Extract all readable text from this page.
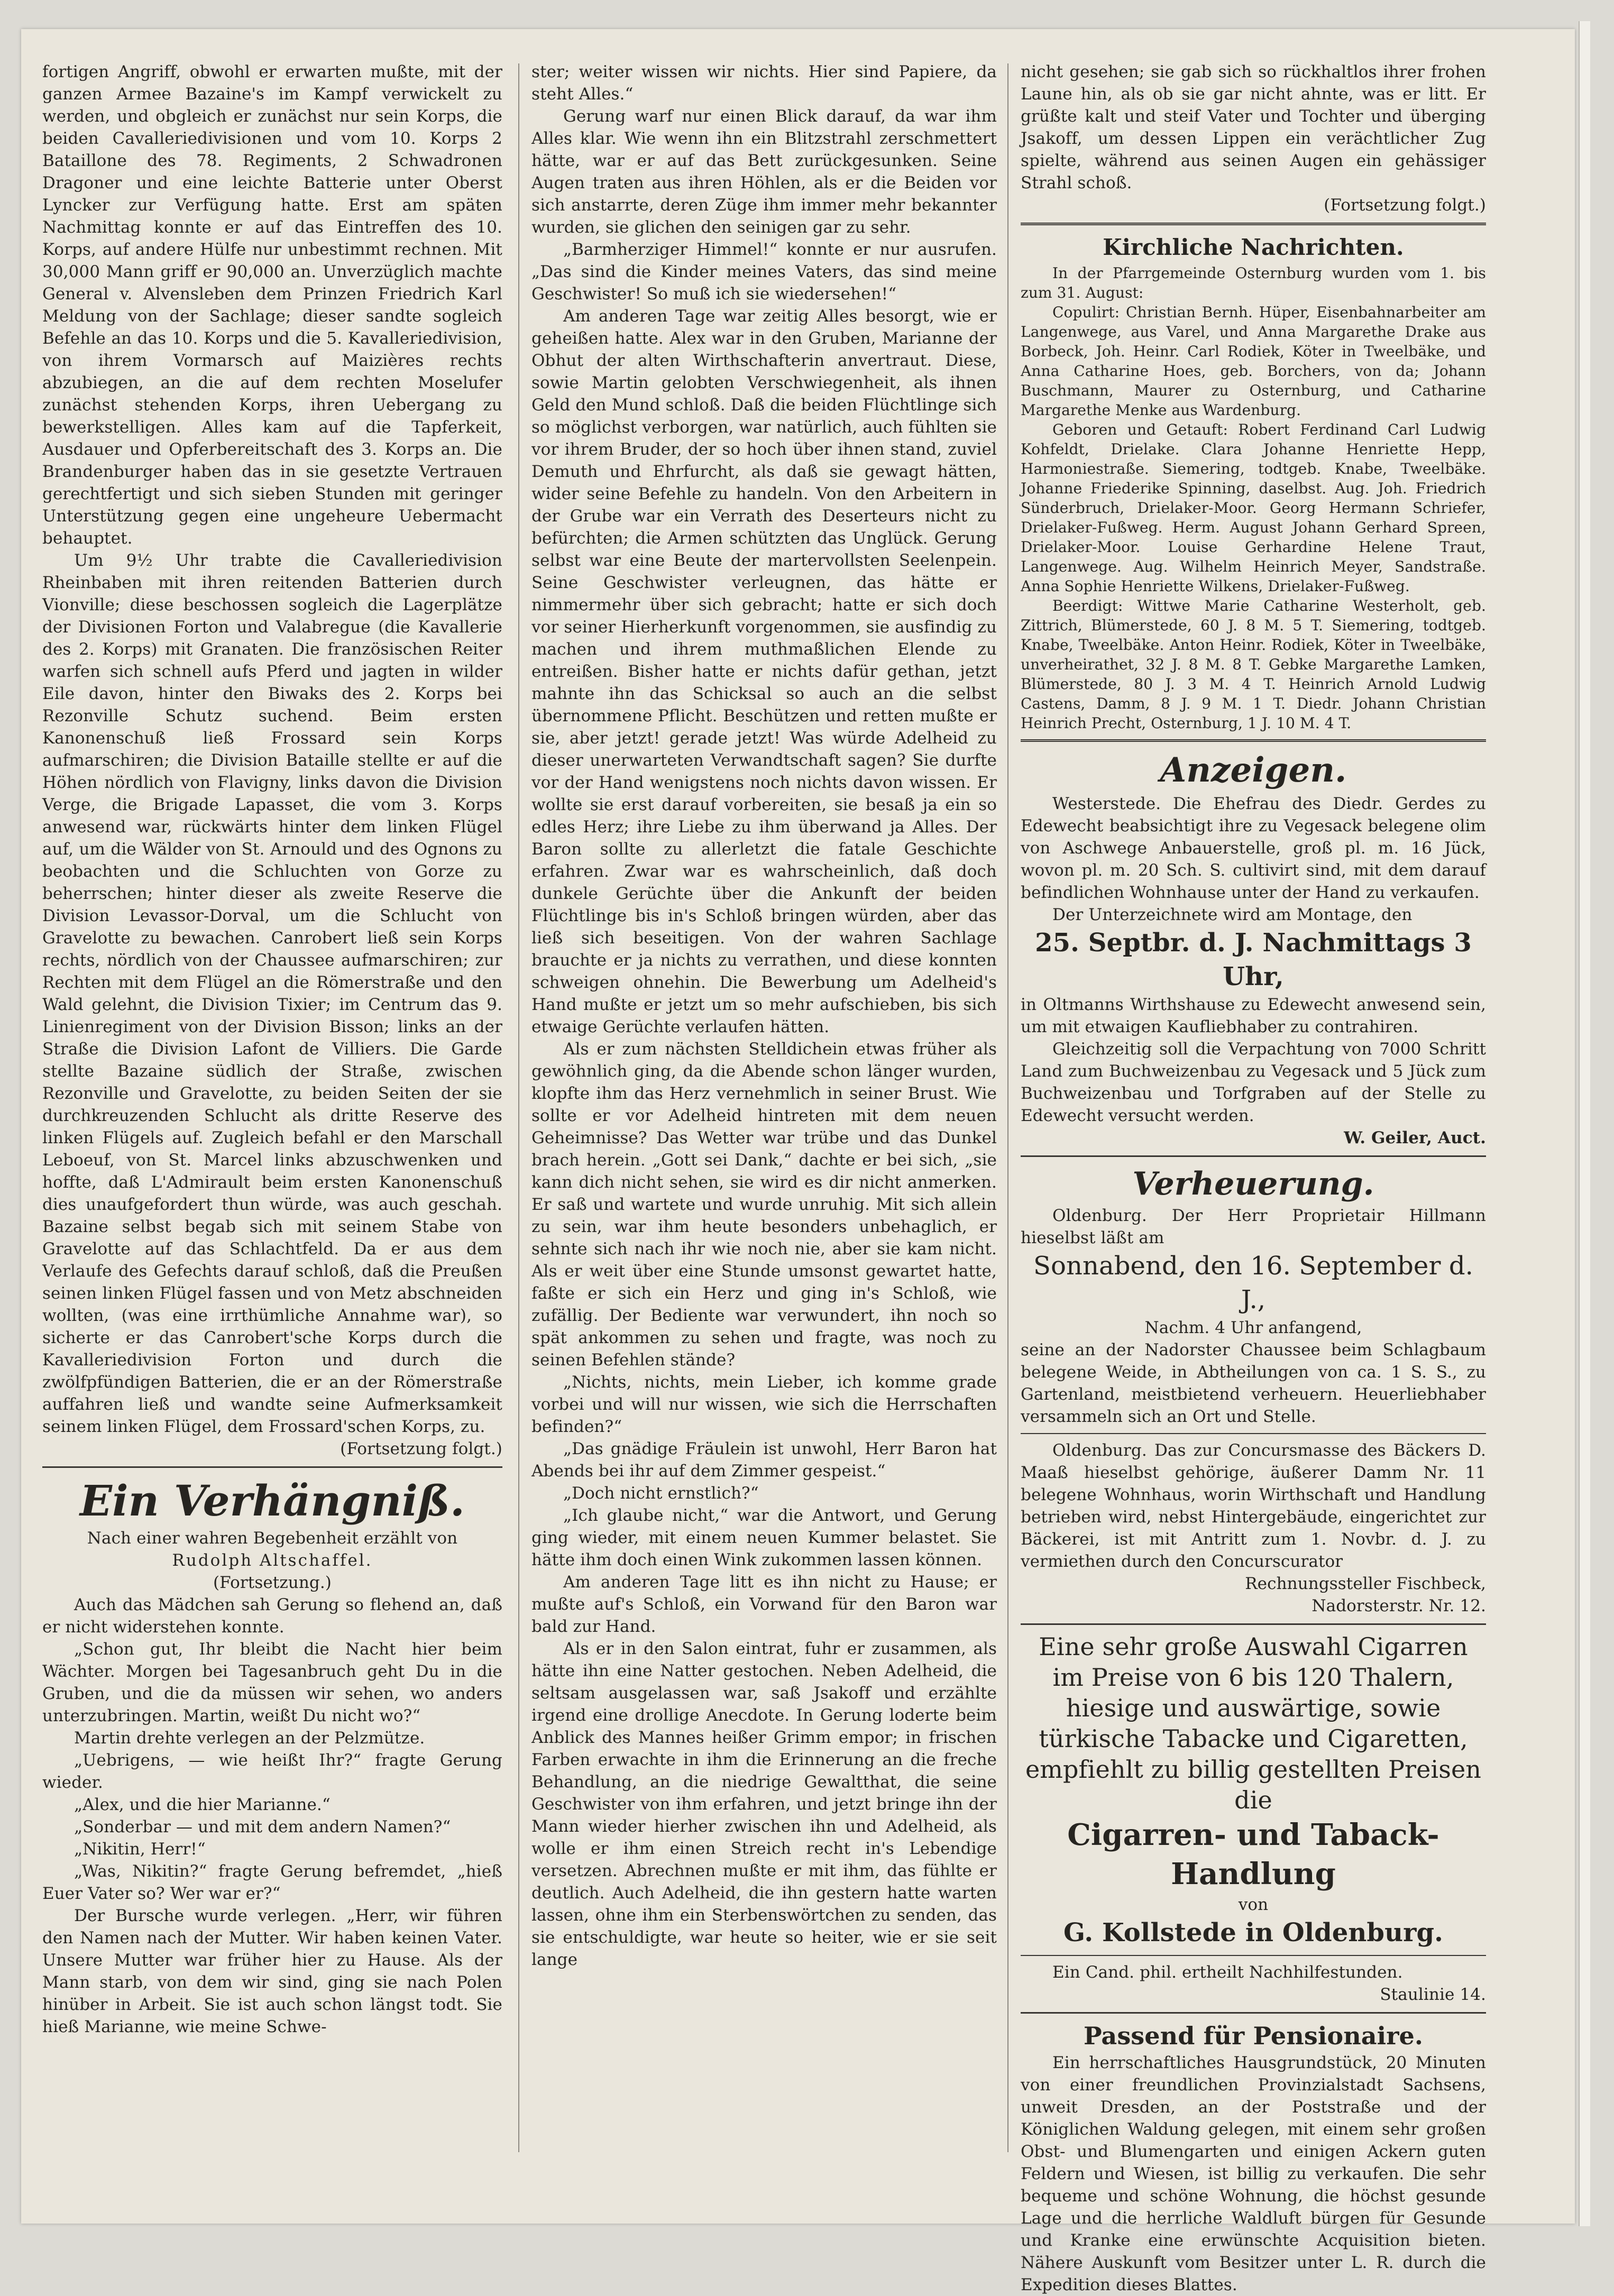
fortigen Angriff, obwohl er erwarten mußte, mit der ganzen Armee Bazaine's im Kampf verwickelt zu werden, und obgleich er zunächst nur sein Korps, die beiden Cavalleriedivisionen und vom 10. Korps 2 Bataillone des 78. Regiments, 2 Schwadronen Dragoner und eine leichte Batterie unter Oberst Lyncker zur Verfügung hatte. Erst am späten Nachmittag konnte er auf das Eintreffen des 10. Korps, auf andere Hülfe nur unbestimmt rechnen. Mit 30,000 Mann griff er 90,000 an. Unverzüglich machte General v. Alvensleben dem Prinzen Friedrich Karl Meldung von der Sachlage; dieser sandte sogleich Befehle an das 10. Korps und die 5. Kavalleriedivision, von ihrem Vormarsch auf Maizières rechts abzubiegen, an die auf dem rechten Moselufer zunächst stehenden Korps, ihren Uebergang zu bewerkstelligen. Alles kam auf die Tapferkeit, Ausdauer und Opferbereitschaft des 3. Korps an. Die Brandenburger haben das in sie gesetzte Vertrauen gerechtfertigt und sich sieben Stunden mit geringer Unterstützung gegen eine ungeheure Uebermacht behauptet.

Um 9½ Uhr trabte die Cavalleriedivision Rheinbaben mit ihren reitenden Batterien durch Vionville; diese beschossen sogleich die Lagerplätze der Divisionen Forton und Valabregue (die Kavallerie des 2. Korps) mit Granaten. Die französischen Reiter warfen sich schnell aufs Pferd und jagten in wilder Eile davon, hinter den Biwaks des 2. Korps bei Rezonville Schutz suchend. Beim ersten Kanonenschuß ließ Frossard sein Korps aufmarschiren; die Division Bataille stellte er auf die Höhen nördlich von Flavigny, links davon die Division Verge, die Brigade Lapasset, die vom 3. Korps anwesend war, rückwärts hinter dem linken Flügel auf, um die Wälder von St. Arnould und des Ognons zu beobachten und die Schluchten von Gorze zu beherrschen; hinter dieser als zweite Reserve die Division Levassor-Dorval, um die Schlucht von Gravelotte zu bewachen. Canrobert ließ sein Korps rechts, nördlich von der Chaussee aufmarschiren; zur Rechten mit dem Flügel an die Römerstraße und den Wald gelehnt, die Division Tixier; im Centrum das 9. Linienregiment von der Division Bisson; links an der Straße die Division Lafont de Villiers. Die Garde stellte Bazaine südlich der Straße, zwischen Rezonville und Gravelotte, zu beiden Seiten der sie durchkreuzenden Schlucht als dritte Reserve des linken Flügels auf. Zugleich befahl er den Marschall Leboeuf, von St. Marcel links abzuschwenken und hoffte, daß L'Admirault beim ersten Kanonenschuß dies unaufgefordert thun würde, was auch geschah. Bazaine selbst begab sich mit seinem Stabe von Gravelotte auf das Schlachtfeld. Da er aus dem Verlaufe des Gefechts darauf schloß, daß die Preußen seinen linken Flügel fassen und von Metz abschneiden wollten, (was eine irrthümliche Annahme war), so sicherte er das Canrobert'sche Korps durch die Kavalleriedivision Forton und durch die zwölfpfündigen Batterien, die er an der Römerstraße auffahren ließ und wandte seine Aufmerksamkeit seinem linken Flügel, dem Frossard'schen Korps, zu.

(Fortsetzung folgt.)

Ein Verhängniß.

Nach einer wahren Begebenheit erzählt von

Rudolph Altschaffel.

(Fortsetzung.)

Auch das Mädchen sah Gerung so flehend an, daß er nicht widerstehen konnte.

„Schon gut, Ihr bleibt die Nacht hier beim Wächter. Morgen bei Tagesanbruch geht Du in die Gruben, und die da müssen wir sehen, wo anders unterzubringen. Martin, weißt Du nicht wo?“

Martin drehte verlegen an der Pelzmütze.

„Uebrigens, — wie heißt Ihr?“ fragte Gerung wieder.

„Alex, und die hier Marianne.“

„Sonderbar — und mit dem andern Namen?“

„Nikitin, Herr!“

„Was, Nikitin?“ fragte Gerung befremdet, „hieß Euer Vater so? Wer war er?“

Der Bursche wurde verlegen. „Herr, wir führen den Namen nach der Mutter. Wir haben keinen Vater. Unsere Mutter war früher hier zu Hause. Als der Mann starb, von dem wir sind, ging sie nach Polen hinüber in Arbeit. Sie ist auch schon längst todt. Sie hieß Marianne, wie meine Schwe-

ster; weiter wissen wir nichts. Hier sind Papiere, da steht Alles.“

Gerung warf nur einen Blick darauf, da war ihm Alles klar. Wie wenn ihn ein Blitzstrahl zerschmettert hätte, war er auf das Bett zurückgesunken. Seine Augen traten aus ihren Höhlen, als er die Beiden vor sich anstarrte, deren Züge ihm immer mehr bekannter wurden, sie glichen den seinigen gar zu sehr.

„Barmherziger Himmel!“ konnte er nur ausrufen. „Das sind die Kinder meines Vaters, das sind meine Geschwister! So muß ich sie wiedersehen!“

Am anderen Tage war zeitig Alles besorgt, wie er geheißen hatte. Alex war in den Gruben, Marianne der Obhut der alten Wirthschafterin anvertraut. Diese, sowie Martin gelobten Verschwiegenheit, als ihnen Geld den Mund schloß. Daß die beiden Flüchtlinge sich so möglichst verborgen, war natürlich, auch fühlten sie vor ihrem Bruder, der so hoch über ihnen stand, zuviel Demuth und Ehrfurcht, als daß sie gewagt hätten, wider seine Befehle zu handeln. Von den Arbeitern in der Grube war ein Verrath des Deserteurs nicht zu befürchten; die Armen schützten das Unglück. Gerung selbst war eine Beute der martervollsten Seelenpein. Seine Geschwister verleugnen, das hätte er nimmermehr über sich gebracht; hatte er sich doch vor seiner Hierherkunft vorgenommen, sie ausfindig zu machen und ihrem muthmaßlichen Elende zu entreißen. Bisher hatte er nichts dafür gethan, jetzt mahnte ihn das Schicksal so auch an die selbst übernommene Pflicht. Beschützen und retten mußte er sie, aber jetzt! gerade jetzt! Was würde Adelheid zu dieser unerwarteten Verwandtschaft sagen? Sie durfte vor der Hand wenigstens noch nichts davon wissen. Er wollte sie erst darauf vorbereiten, sie besaß ja ein so edles Herz; ihre Liebe zu ihm überwand ja Alles. Der Baron sollte zu allerletzt die fatale Geschichte erfahren. Zwar war es wahrscheinlich, daß doch dunkele Gerüchte über die Ankunft der beiden Flüchtlinge bis in's Schloß bringen würden, aber das ließ sich beseitigen. Von der wahren Sachlage brauchte er ja nichts zu verrathen, und diese konnten schweigen ohnehin. Die Bewerbung um Adelheid's Hand mußte er jetzt um so mehr aufschieben, bis sich etwaige Gerüchte verlaufen hätten.

Als er zum nächsten Stelldichein etwas früher als gewöhnlich ging, da die Abende schon länger wurden, klopfte ihm das Herz vernehmlich in seiner Brust. Wie sollte er vor Adelheid hintreten mit dem neuen Geheimnisse? Das Wetter war trübe und das Dunkel brach herein. „Gott sei Dank,“ dachte er bei sich, „sie kann dich nicht sehen, sie wird es dir nicht anmerken. Er saß und wartete und wurde unruhig. Mit sich allein zu sein, war ihm heute besonders unbehaglich, er sehnte sich nach ihr wie noch nie, aber sie kam nicht. Als er weit über eine Stunde umsonst gewartet hatte, faßte er sich ein Herz und ging in's Schloß, wie zufällig. Der Bediente war verwundert, ihn noch so spät ankommen zu sehen und fragte, was noch zu seinen Befehlen stände?

„Nichts, nichts, mein Lieber, ich komme grade vorbei und will nur wissen, wie sich die Herrschaften befinden?“

„Das gnädige Fräulein ist unwohl, Herr Baron hat Abends bei ihr auf dem Zimmer gespeist.“

„Doch nicht ernstlich?“

„Ich glaube nicht,“ war die Antwort, und Gerung ging wieder, mit einem neuen Kummer belastet. Sie hätte ihm doch einen Wink zukommen lassen können.

Am anderen Tage litt es ihn nicht zu Hause; er mußte auf's Schloß, ein Vorwand für den Baron war bald zur Hand.

Als er in den Salon eintrat, fuhr er zusammen, als hätte ihn eine Natter gestochen. Neben Adelheid, die seltsam ausgelassen war, saß Jsakoff und erzählte irgend eine drollige Anecdote. In Gerung loderte beim Anblick des Mannes heißer Grimm empor; in frischen Farben erwachte in ihm die Erinnerung an die freche Behandlung, an die niedrige Gewaltthat, die seine Geschwister von ihm erfahren, und jetzt bringe ihn der Mann wieder hierher zwischen ihn und Adelheid, als wolle er ihm einen Streich recht in's Lebendige versetzen. Abrechnen mußte er mit ihm, das fühlte er deutlich. Auch Adelheid, die ihn gestern hatte warten lassen, ohne ihm ein Sterbenswörtchen zu senden, das sie entschuldigte, war heute so heiter, wie er sie seit lange

nicht gesehen; sie gab sich so rückhaltlos ihrer frohen Laune hin, als ob sie gar nicht ahnte, was er litt. Er grüßte kalt und steif Vater und Tochter und überging Jsakoff, um dessen Lippen ein verächtlicher Zug spielte, während aus seinen Augen ein gehässiger Strahl schoß.

(Fortsetzung folgt.)

Kirchliche Nachrichten.

In der Pfarrgemeinde Osternburg wurden vom 1. bis zum 31. August:

Copulirt: Christian Bernh. Hüper, Eisenbahnarbeiter am Langenwege, aus Varel, und Anna Margarethe Drake aus Borbeck, Joh. Heinr. Carl Rodiek, Köter in Tweelbäke, und Anna Catharine Hoes, geb. Borchers, von da; Johann Buschmann, Maurer zu Osternburg, und Catharine Margarethe Menke aus Wardenburg.

Geboren und Getauft: Robert Ferdinand Carl Ludwig Kohfeldt, Drielake. Clara Johanne Henriette Hepp, Harmoniestraße. Siemering, todtgeb. Knabe, Tweelbäke. Johanne Friederike Spinning, daselbst. Aug. Joh. Friedrich Sünderbruch, Drielaker-Moor. Georg Hermann Schriefer, Drielaker-Fußweg. Herm. August Johann Gerhard Spreen, Drielaker-Moor. Louise Gerhardine Helene Traut, Langenwege. Aug. Wilhelm Heinrich Meyer, Sandstraße. Anna Sophie Henriette Wilkens, Drielaker-Fußweg.

Beerdigt: Wittwe Marie Catharine Westerholt, geb. Zittrich, Blümerstede, 60 J. 8 M. 5 T. Siemering, todtgeb. Knabe, Tweelbäke. Anton Heinr. Rodiek, Köter in Tweelbäke, unverheirathet, 32 J. 8 M. 8 T. Gebke Margarethe Lamken, Blümerstede, 80 J. 3 M. 4 T. Heinrich Arnold Ludwig Castens, Damm, 8 J. 9 M. 1 T. Diedr. Johann Christian Heinrich Precht, Osternburg, 1 J. 10 M. 4 T.

Anzeigen.

Westerstede. Die Ehefrau des Diedr. Gerdes zu Edewecht beabsichtigt ihre zu Vegesack belegene olim von Aschwege Anbauerstelle, groß pl. m. 16 Jück, wovon pl. m. 20 Sch. S. cultivirt sind, mit dem darauf befindlichen Wohnhause unter der Hand zu verkaufen.

Der Unterzeichnete wird am Montage, den

25. Septbr. d. J. Nachmittags 3 Uhr,

in Oltmanns Wirthshause zu Edewecht anwesend sein, um mit etwaigen Kaufliebhaber zu contrahiren.

Gleichzeitig soll die Verpachtung von 7000 Schritt Land zum Buchweizenbau zu Vegesack und 5 Jück zum Buchweizenbau und Torfgraben auf der Stelle zu Edewecht versucht werden.

W. Geiler, Auct.

Verheuerung.

Oldenburg. Der Herr Proprietair Hillmann hieselbst läßt am

Sonnabend, den 16. September d. J.,

Nachm. 4 Uhr anfangend,

seine an der Nadorster Chaussee beim Schlagbaum belegene Weide, in Abtheilungen von ca. 1 S. S., zu Gartenland, meistbietend verheuern. Heuerliebhaber versammeln sich an Ort und Stelle.

Oldenburg. Das zur Concursmasse des Bäckers D. Maaß hieselbst gehörige, äußerer Damm Nr. 11 belegene Wohnhaus, worin Wirthschaft und Handlung betrieben wird, nebst Hintergebäude, eingerichtet zur Bäckerei, ist mit Antritt zum 1. Novbr. d. J. zu vermiethen durch den Concurscurator

Rechnungssteller Fischbeck,

Nadorsterstr. Nr. 12.

Eine sehr große Auswahl Cigarren im Preise von 6 bis 120 Thalern, hiesige und auswärtige, sowie türkische Tabacke und Cigaretten, empfiehlt zu billig gestellten Preisen die

Cigarren- und Taback-Handlung

von

G. Kollstede in Oldenburg.

Ein Cand. phil. ertheilt Nachhilfestunden.

Staulinie 14.

Passend für Pensionaire.

Ein herrschaftliches Hausgrundstück, 20 Minuten von einer freundlichen Provinzialstadt Sachsens, unweit Dresden, an der Poststraße und der Königlichen Waldung gelegen, mit einem sehr großen Obst- und Blumengarten und einigen Ackern guten Feldern und Wiesen, ist billig zu verkaufen. Die sehr bequeme und schöne Wohnung, die höchst gesunde Lage und die herrliche Waldluft bürgen für Gesunde und Kranke eine erwünschte Acquisition bieten. Nähere Auskunft vom Besitzer unter L. R. durch die Expedition dieses Blattes.
